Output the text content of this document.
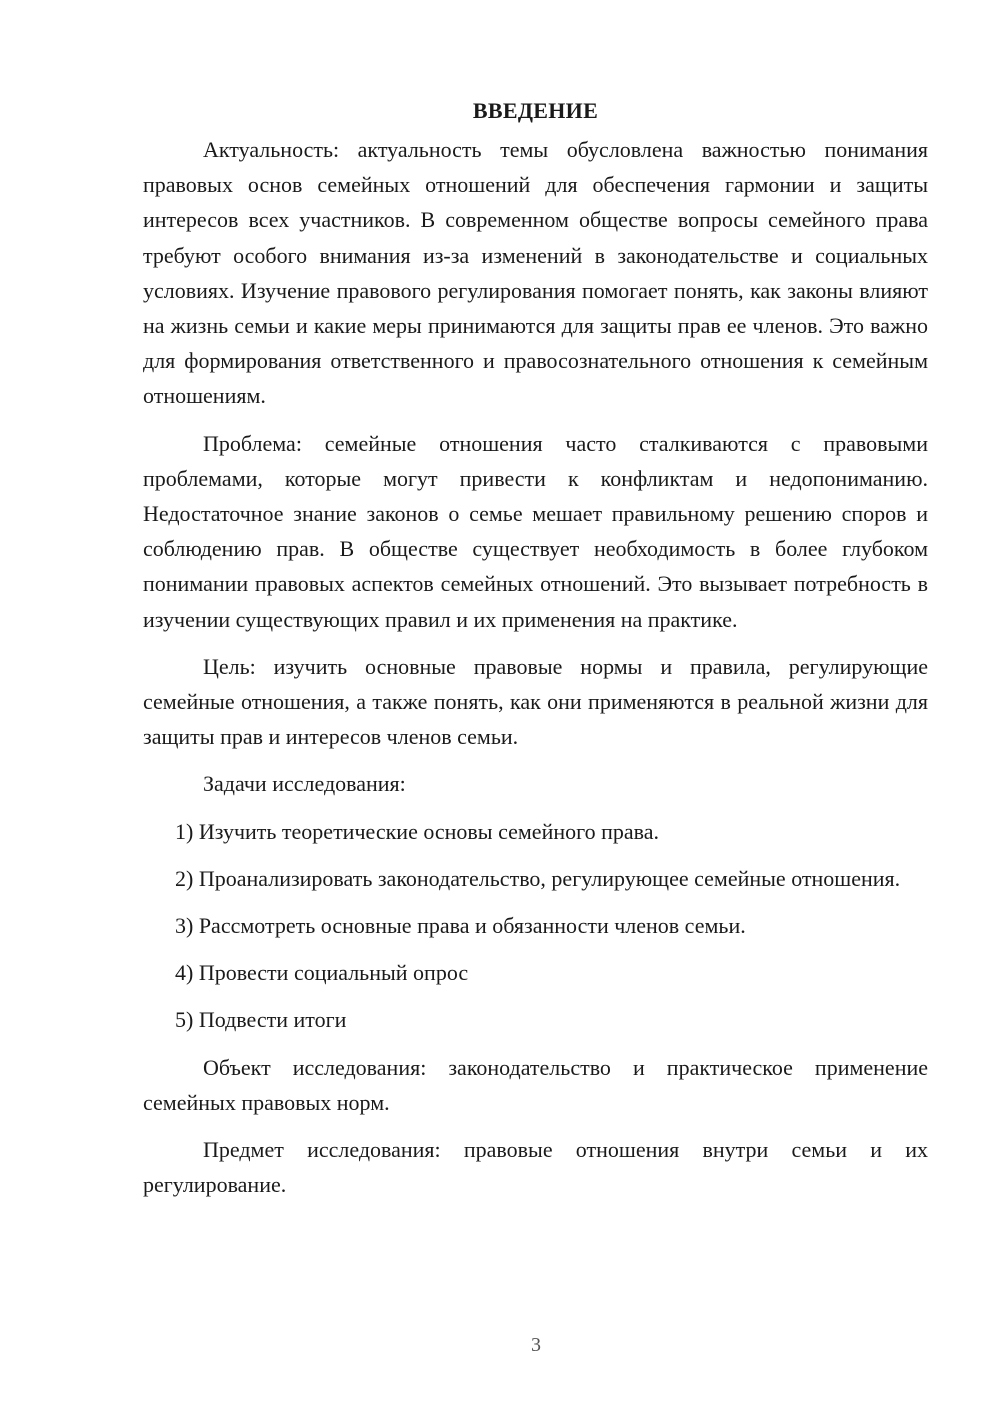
ВВЕДЕНИЕ

Актуальность: актуальность темы обусловлена важностью понимания правовых основ семейных отношений для обеспечения гармонии и защиты интересов всех участников. В современном обществе вопросы семейного права требуют особого внимания из-за изменений в законодательстве и социальных условиях. Изучение правового регулирования помогает понять, как законы влияют на жизнь семьи и какие меры принимаются для защиты прав ее членов. Это важно для формирования ответственного и правосознательного отношения к семейным отношениям.

Проблема: семейные отношения часто сталкиваются с правовыми проблемами, которые могут привести к конфликтам и недопониманию. Недостаточное знание законов о семье мешает правильному решению споров и соблюдению прав. В обществе существует необходимость в более глубоком понимании правовых аспектов семейных отношений. Это вызывает потребность в изучении существующих правил и их применения на практике.

Цель: изучить основные правовые нормы и правила, регулирующие семейные отношения, а также понять, как они применяются в реальной жизни для защиты прав и интересов членов семьи.

Задачи исследования:

1) Изучить теоретические основы семейного права.

2) Проанализировать законодательство, регулирующее семейные отношения.

3) Рассмотреть основные права и обязанности членов семьи.

4) Провести социальный опрос

5) Подвести итоги

Объект исследования: законодательство и практическое применение семейных правовых норм.

Предмет исследования: правовые отношения внутри семьи и их регулирование.

3
